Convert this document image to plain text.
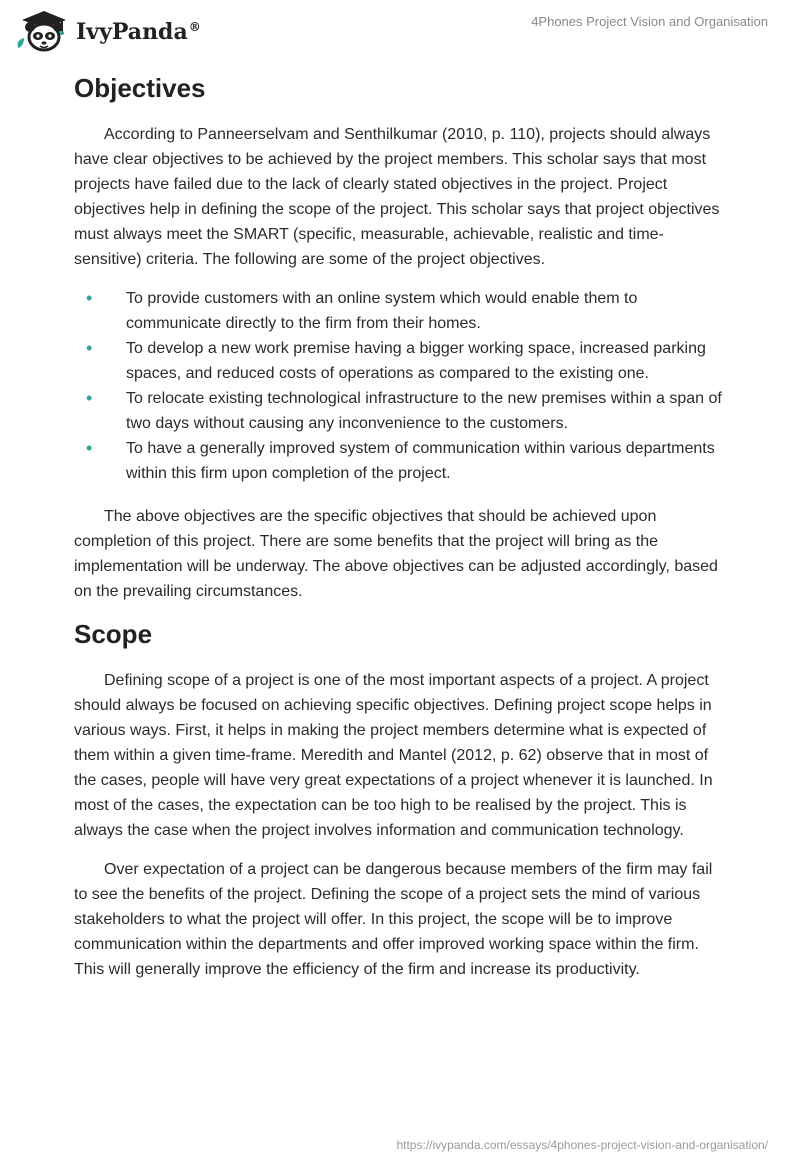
IvyPanda®	4Phones Project Vision and Organisation
Objectives

According to Panneerselvam and Senthilkumar (2010, p. 110), projects should always have clear objectives to be achieved by the project members. This scholar says that most projects have failed due to the lack of clearly stated objectives in the project. Project objectives help in defining the scope of the project. This scholar says that project objectives must always meet the SMART (specific, measurable, achievable, realistic and time-sensitive) criteria. The following are some of the project objectives.

• To provide customers with an online system which would enable them to communicate directly to the firm from their homes.
• To develop a new work premise having a bigger working space, increased parking spaces, and reduced costs of operations as compared to the existing one.
• To relocate existing technological infrastructure to the new premises within a span of two days without causing any inconvenience to the customers.
• To have a generally improved system of communication within various departments within this firm upon completion of the project.

The above objectives are the specific objectives that should be achieved upon completion of this project. There are some benefits that the project will bring as the implementation will be underway. The above objectives can be adjusted accordingly, based on the prevailing circumstances.

Scope

Defining scope of a project is one of the most important aspects of a project. A project should always be focused on achieving specific objectives. Defining project scope helps in various ways. First, it helps in making the project members determine what is expected of them within a given time-frame. Meredith and Mantel (2012, p. 62) observe that in most of the cases, people will have very great expectations of a project whenever it is launched. In most of the cases, the expectation can be too high to be realised by the project. This is always the case when the project involves information and communication technology.

Over expectation of a project can be dangerous because members of the firm may fail to see the benefits of the project. Defining the scope of a project sets the mind of various stakeholders to what the project will offer. In this project, the scope will be to improve communication within the departments and offer improved working space within the firm. This will generally improve the efficiency of the firm and increase its productivity.

https://ivypanda.com/essays/4phones-project-vision-and-organisation/
